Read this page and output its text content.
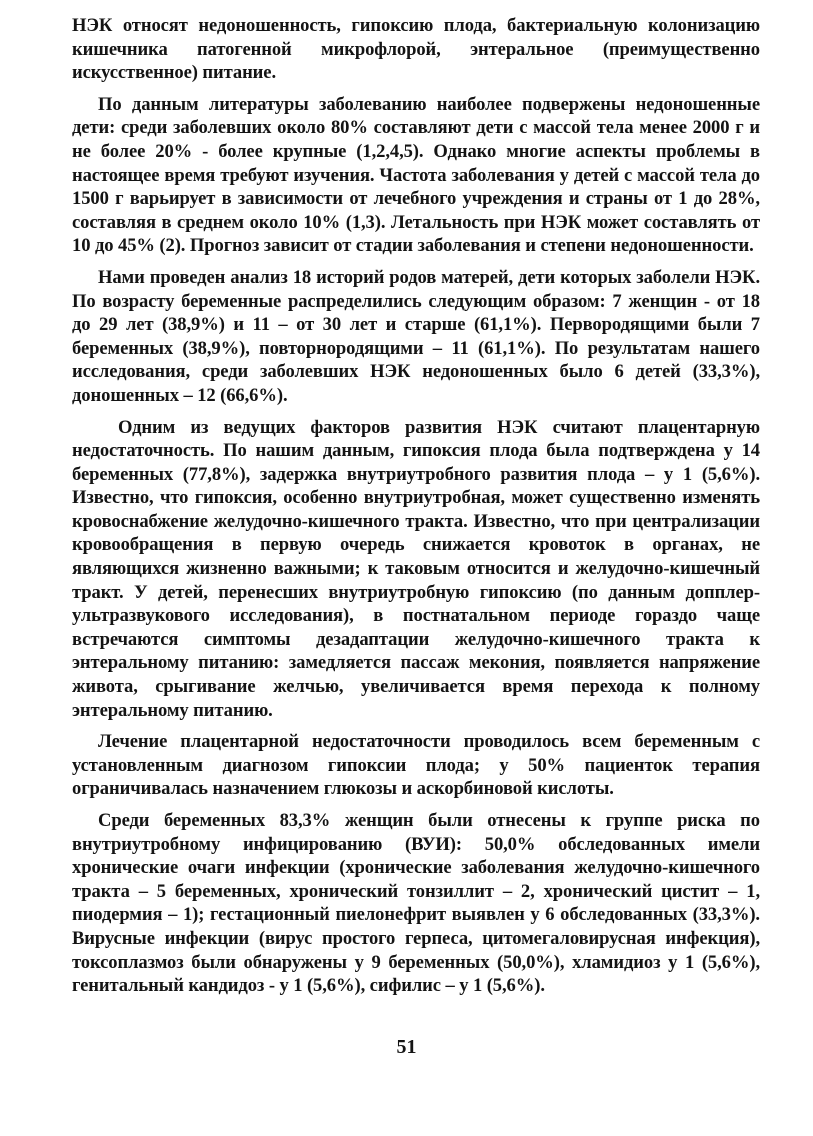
НЭК относят недоношенность, гипоксию плода, бактериальную колонизацию кишечника патогенной микрофлорой, энтеральное (преимущественно искусственное) питание.

По данным литературы заболеванию наиболее подвержены недоношенные дети: среди заболевших около 80% составляют дети с массой тела менее 2000 г и не более 20% - более крупные (1,2,4,5). Однако многие аспекты проблемы в настоящее время требуют изучения. Частота заболевания у детей с массой тела до 1500 г варьирует в зависимости от лечебного учреждения и страны от 1 до 28%, составляя в среднем около 10% (1,3). Летальность при НЭК может составлять от 10 до 45% (2). Прогноз зависит от стадии заболевания и степени недоношенности.

Нами проведен анализ 18 историй родов матерей, дети которых заболели НЭК. По возрасту беременные распределились следующим образом: 7 женщин - от 18 до 29 лет (38,9%) и 11 – от 30 лет и старше (61,1%). Первородящими были 7 беременных (38,9%), повторнородящими – 11 (61,1%). По результатам нашего исследования, среди заболевших НЭК недоношенных было 6 детей (33,3%), доношенных – 12 (66,6%).

Одним из ведущих факторов развития НЭК считают плацентарную недостаточность. По нашим данным, гипоксия плода была подтверждена у 14 беременных (77,8%), задержка внутриутробного развития плода – у 1 (5,6%). Известно, что гипоксия, особенно внутриутробная, может существенно изменять кровоснабжение желудочно-кишечного тракта. Известно, что при централизации кровообращения в первую очередь снижается кровоток в органах, не являющихся жизненно важными; к таковым относится и желудочно-кишечный тракт. У детей, перенесших внутриутробную гипоксию (по данным допплер-ультразвукового исследования), в постнатальном периоде гораздо чаще встречаются симптомы дезадаптации желудочно-кишечного тракта к энтеральному питанию: замедляется пассаж мекония, появляется напряжение живота, срыгивание желчью, увеличивается время перехода к полному энтеральному питанию.

Лечение плацентарной недостаточности проводилось всем беременным с установленным диагнозом гипоксии плода; у 50% пациенток терапия ограничивалась назначением глюкозы и аскорбиновой кислоты.

Среди беременных 83,3% женщин были отнесены к группе риска по внутриутробному инфицированию (ВУИ): 50,0% обследованных имели хронические очаги инфекции (хронические заболевания желудочно-кишечного тракта – 5 беременных, хронический тонзиллит – 2, хронический цистит – 1, пиодермия – 1); гестационный пиелонефрит выявлен у 6 обследованных (33,3%). Вирусные инфекции (вирус простого герпеса, цитомегаловирусная инфекция), токсоплазмоз были обнаружены у 9 беременных (50,0%), хламидиоз у 1 (5,6%), генитальный кандидоз - у 1 (5,6%), сифилис – у 1 (5,6%).

51
